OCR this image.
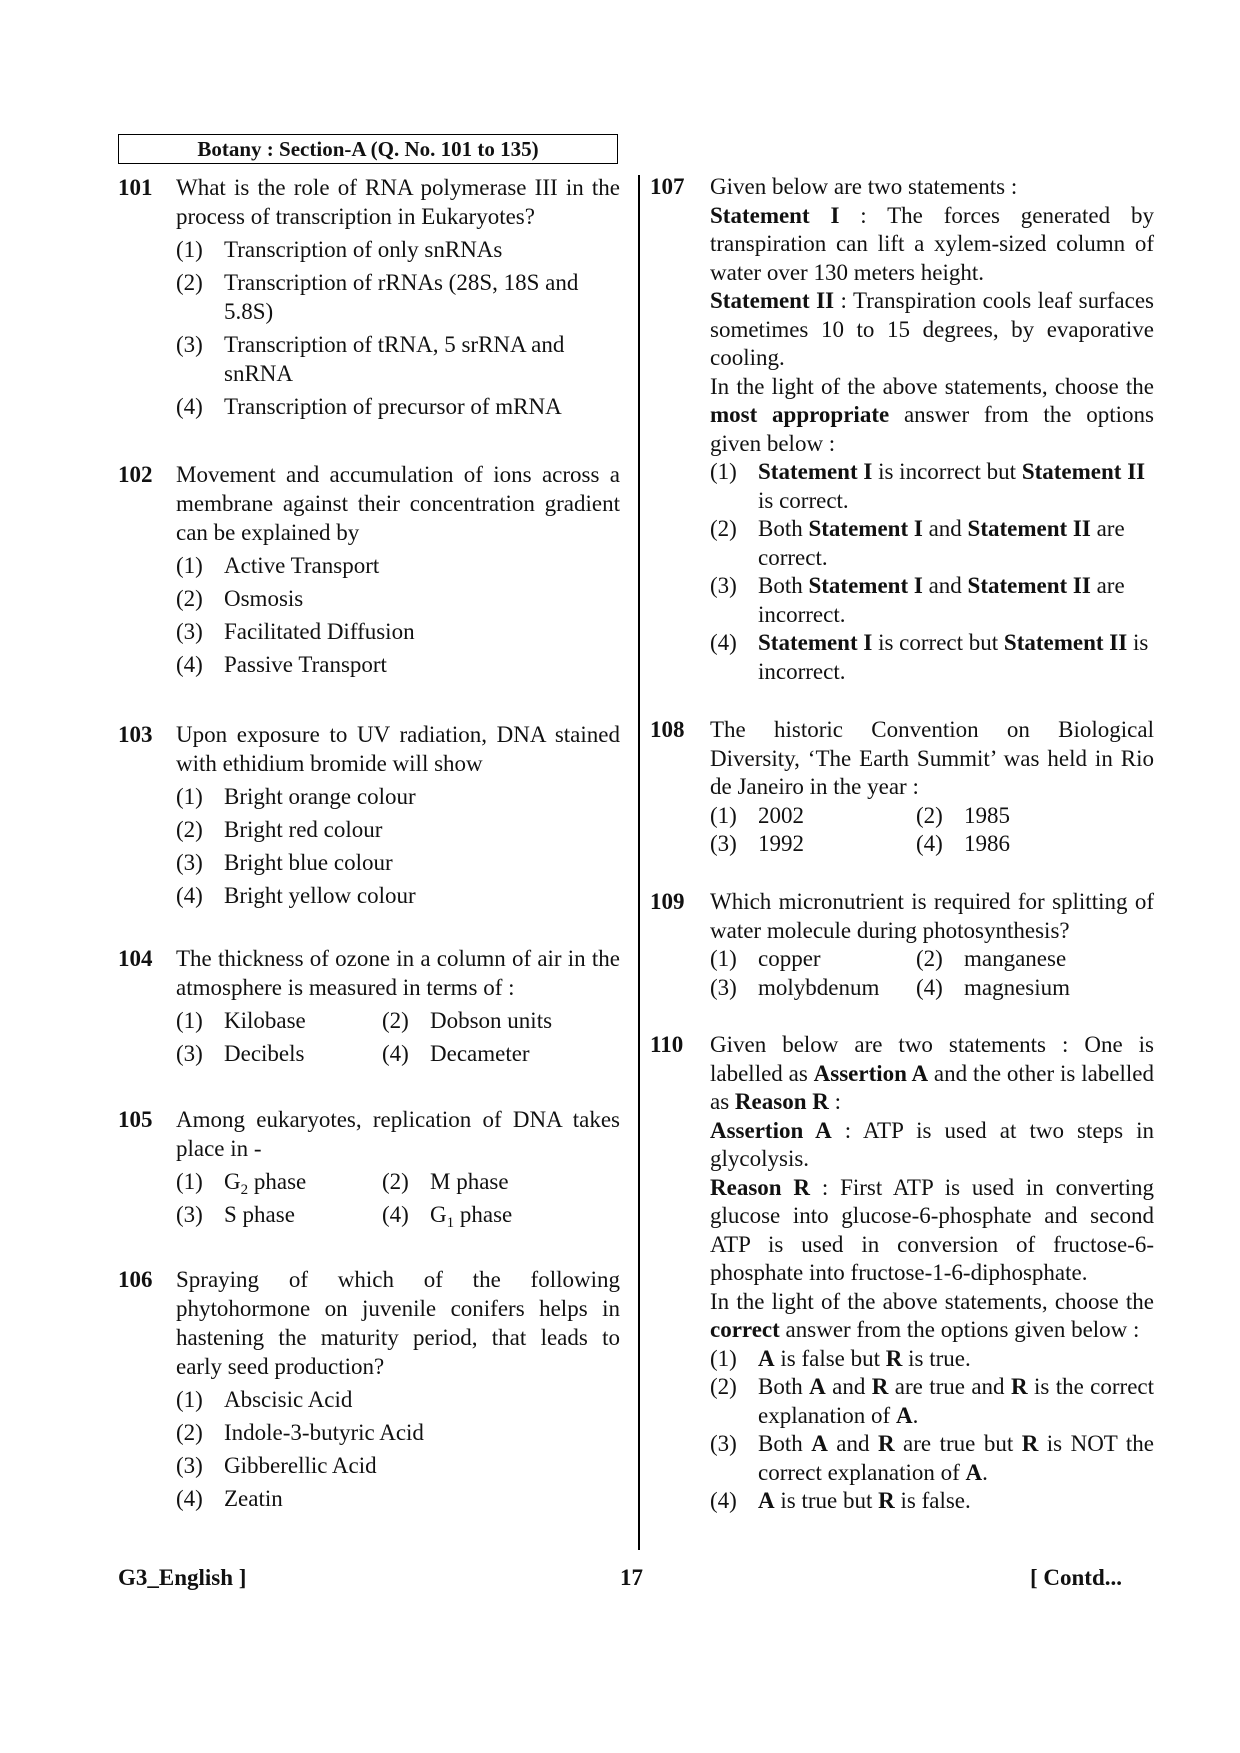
Botany : Section-A (Q. No. 101 to 135)
101 What is the role of RNA polymerase III in the process of transcription in Eukaryotes?
(1) Transcription of only snRNAs
(2) Transcription of rRNAs (28S, 18S and 5.8S)
(3) Transcription of tRNA, 5 srRNA and snRNA
(4) Transcription of precursor of mRNA
102 Movement and accumulation of ions across a membrane against their concentration gradient can be explained by
(1) Active Transport
(2) Osmosis
(3) Facilitated Diffusion
(4) Passive Transport
103 Upon exposure to UV radiation, DNA stained with ethidium bromide will show
(1) Bright orange colour
(2) Bright red colour
(3) Bright blue colour
(4) Bright yellow colour
104 The thickness of ozone in a column of air in the atmosphere is measured in terms of :
(1) Kilobase	(2) Dobson units
(3) Decibels	(4) Decameter
105 Among eukaryotes, replication of DNA takes place in -
(1) $G_2$ phase	(2) M phase
(3) S phase	(4) $G_1$ phase
106 Spraying of which of the following phytohormone on juvenile conifers helps in hastening the maturity period, that leads to early seed production?
(1) Abscisic Acid
(2) Indole-3-butyric Acid
(3) Gibberellic Acid
(4) Zeatin
107 Given below are two statements :
Statement I : The forces generated by transpiration can lift a xylem-sized column of water over 130 meters height.
Statement II : Transpiration cools leaf surfaces sometimes 10 to 15 degrees, by evaporative cooling.
In the light of the above statements, choose the most appropriate answer from the options given below :
(1) Statement I is incorrect but Statement II is correct.
(2) Both Statement I and Statement II are correct.
(3) Both Statement I and Statement II are incorrect.
(4) Statement I is correct but Statement II is incorrect.
108 The historic Convention on Biological Diversity, ‘The Earth Summit’ was held in Rio de Janeiro in the year :
(1) 2002	(2) 1985
(3) 1992	(4) 1986
109 Which micronutrient is required for splitting of water molecule during photosynthesis?
(1) copper	(2) manganese
(3) molybdenum (4) magnesium
110 Given below are two statements : One is labelled as Assertion A and the other is labelled as Reason R :
Assertion A : ATP is used at two steps in glycolysis.
Reason R : First ATP is used in converting glucose into glucose-6-phosphate and second ATP is used in conversion of fructose-6-phosphate into fructose-1-6-diphosphate.
In the light of the above statements, choose the correct answer from the options given below :
(1) A is false but R is true.
(2) Both A and R are true and R is the correct explanation of A.
(3) Both A and R are true but R is NOT the correct explanation of A.
(4) A is true but R is false.
G3_English ]	17	[ Contd...
